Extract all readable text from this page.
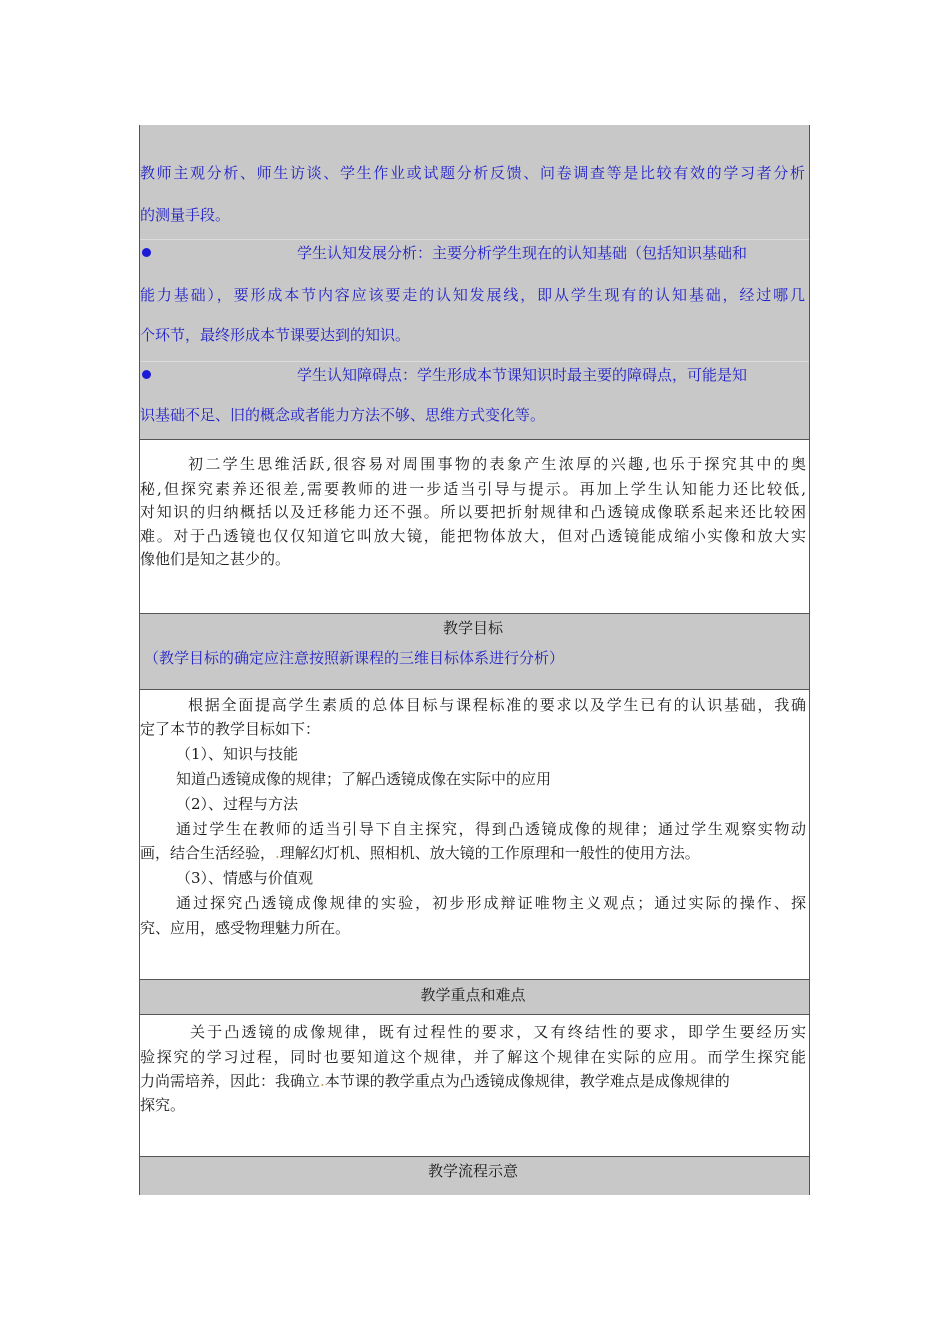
教师主观分析、师生访谈、学生作业或试题分析反馈、问卷调查等是比较有效的学习者分析
的测量手段。
学生认知发展分析：主要分析学生现在的认知基础（包括知识基础和
能力基础），要形成本节内容应该要走的认知发展线，即从学生现有的认知基础，经过哪几
个环节，最终形成本节课要达到的知识。
学生认知障碍点：学生形成本节课知识时最主要的障碍点，可能是知
识基础不足、旧的概念或者能力方法不够、思维方式变化等。
初二学生思维活跃,很容易对周围事物的表象产生浓厚的兴趣,也乐于探究其中的奥
秘,但探究素养还很差,需要教师的进一步适当引导与提示。再加上学生认知能力还比较低,
对知识的归纳概括以及迁移能力还不强。所以要把折射规律和凸透镜成像联系起来还比较困
难。对于凸透镜也仅仅知道它叫放大镜，能把物体放大，但对凸透镜能成缩小实像和放大实
像他们是知之甚少的。
教学目标
（教学目标的确定应注意按照新课程的三维目标体系进行分析）
根据全面提高学生素质的总体目标与课程标准的要求以及学生已有的认识基础，我确
定了本节的教学目标如下：
（1）、知识与技能
知道凸透镜成像的规律；了解凸透镜成像在实际中的应用
（2）、过程与方法
通过学生在教师的适当引导下自主探究，得到凸透镜成像的规律；通过学生观察实物动
画，结合生活经验，.理解幻灯机、照相机、放大镜的工作原理和一般性的使用方法。
（3）、情感与价值观
通过探究凸透镜成像规律的实验，初步形成辩证唯物主义观点；通过实际的操作、探
究、应用，感受物理魅力所在。
教学重点和难点
关于凸透镜的成像规律，既有过程性的要求，又有终结性的要求，即学生要经历实
验探究的学习过程，同时也要知道这个规律，并了解这个规律在实际的应用。而学生探究能
力尚需培养，因此：我确立.本节课的教学重点为凸透镜成像规律，教学难点是成像规律的
探究。
教学流程示意
